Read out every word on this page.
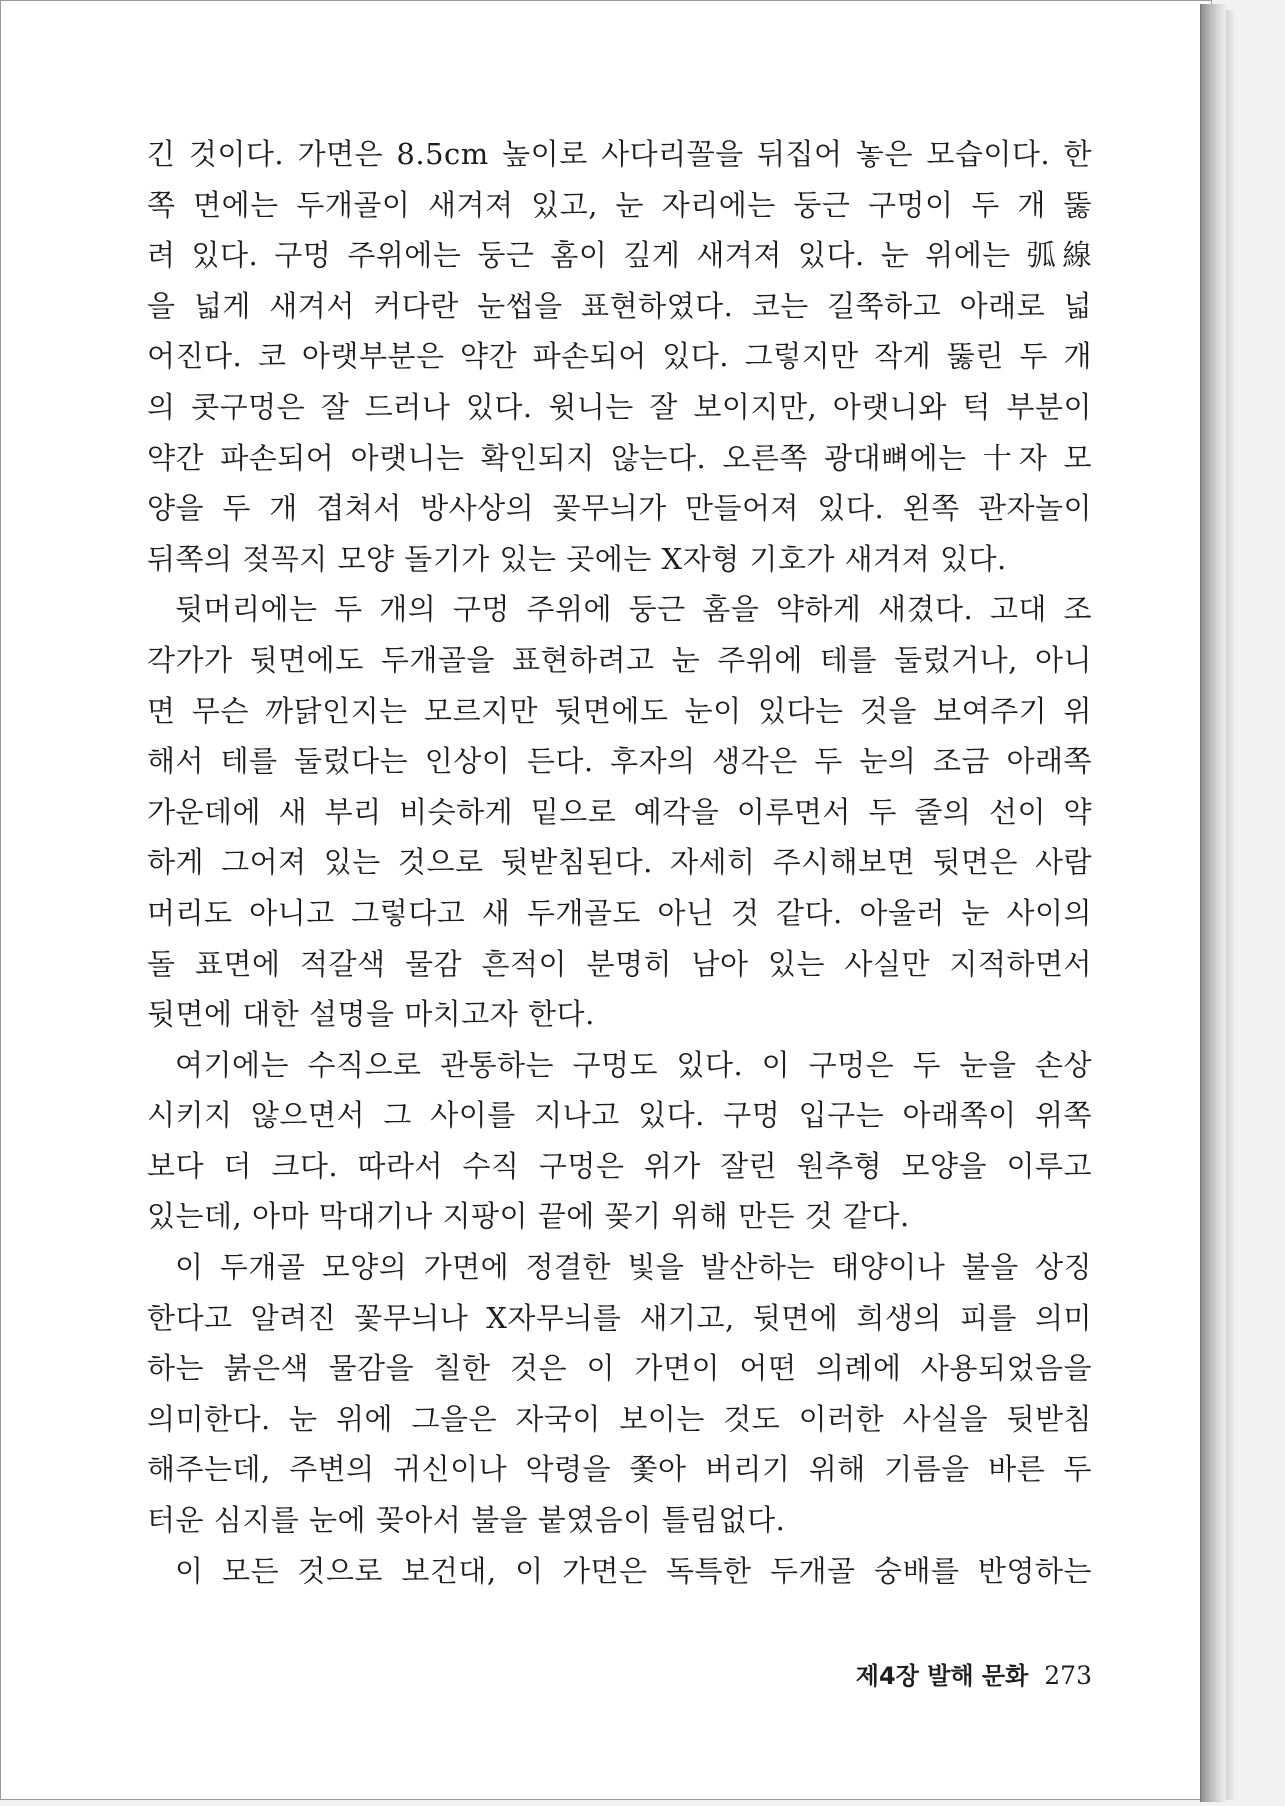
긴 것이다. 가면은 8.5cm 높이로 사다리꼴을 뒤집어 놓은 모습이다. 한
쪽 면에는 두개골이 새겨져 있고, 눈 자리에는 둥근 구멍이 두 개 뚫
려 있다. 구멍 주위에는 둥근 홈이 깊게 새겨져 있다. 눈 위에는 弧線
을 넓게 새겨서 커다란 눈썹을 표현하였다. 코는 길쭉하고 아래로 넓
어진다. 코 아랫부분은 약간 파손되어 있다. 그렇지만 작게 뚫린 두 개
의 콧구멍은 잘 드러나 있다. 윗니는 잘 보이지만, 아랫니와 턱 부분이
약간 파손되어 아랫니는 확인되지 않는다. 오른쪽 광대뼈에는 十자 모
양을 두 개 겹쳐서 방사상의 꽃무늬가 만들어져 있다. 왼쪽 관자놀이
뒤쪽의 젖꼭지 모양 돌기가 있는 곳에는 X자형 기호가 새겨져 있다.
뒷머리에는 두 개의 구멍 주위에 둥근 홈을 약하게 새겼다. 고대 조
각가가 뒷면에도 두개골을 표현하려고 눈 주위에 테를 둘렀거나, 아니
면 무슨 까닭인지는 모르지만 뒷면에도 눈이 있다는 것을 보여주기 위
해서 테를 둘렀다는 인상이 든다. 후자의 생각은 두 눈의 조금 아래쪽
가운데에 새 부리 비슷하게 밑으로 예각을 이루면서 두 줄의 선이 약
하게 그어져 있는 것으로 뒷받침된다. 자세히 주시해보면 뒷면은 사람
머리도 아니고 그렇다고 새 두개골도 아닌 것 같다. 아울러 눈 사이의
돌 표면에 적갈색 물감 흔적이 분명히 남아 있는 사실만 지적하면서
뒷면에 대한 설명을 마치고자 한다.
여기에는 수직으로 관통하는 구멍도 있다. 이 구멍은 두 눈을 손상
시키지 않으면서 그 사이를 지나고 있다. 구멍 입구는 아래쪽이 위쪽
보다 더 크다. 따라서 수직 구멍은 위가 잘린 원추형 모양을 이루고
있는데, 아마 막대기나 지팡이 끝에 꽂기 위해 만든 것 같다.
이 두개골 모양의 가면에 정결한 빛을 발산하는 태양이나 불을 상징
한다고 알려진 꽃무늬나 X자무늬를 새기고, 뒷면에 희생의 피를 의미
하는 붉은색 물감을 칠한 것은 이 가면이 어떤 의례에 사용되었음을
의미한다. 눈 위에 그을은 자국이 보이는 것도 이러한 사실을 뒷받침
해주는데, 주변의 귀신이나 악령을 쫓아 버리기 위해 기름을 바른 두
터운 심지를 눈에 꽂아서 불을 붙였음이 틀림없다.
이 모든 것으로 보건대, 이 가면은 독특한 두개골 숭배를 반영하는
제4장 발해 문화 273
